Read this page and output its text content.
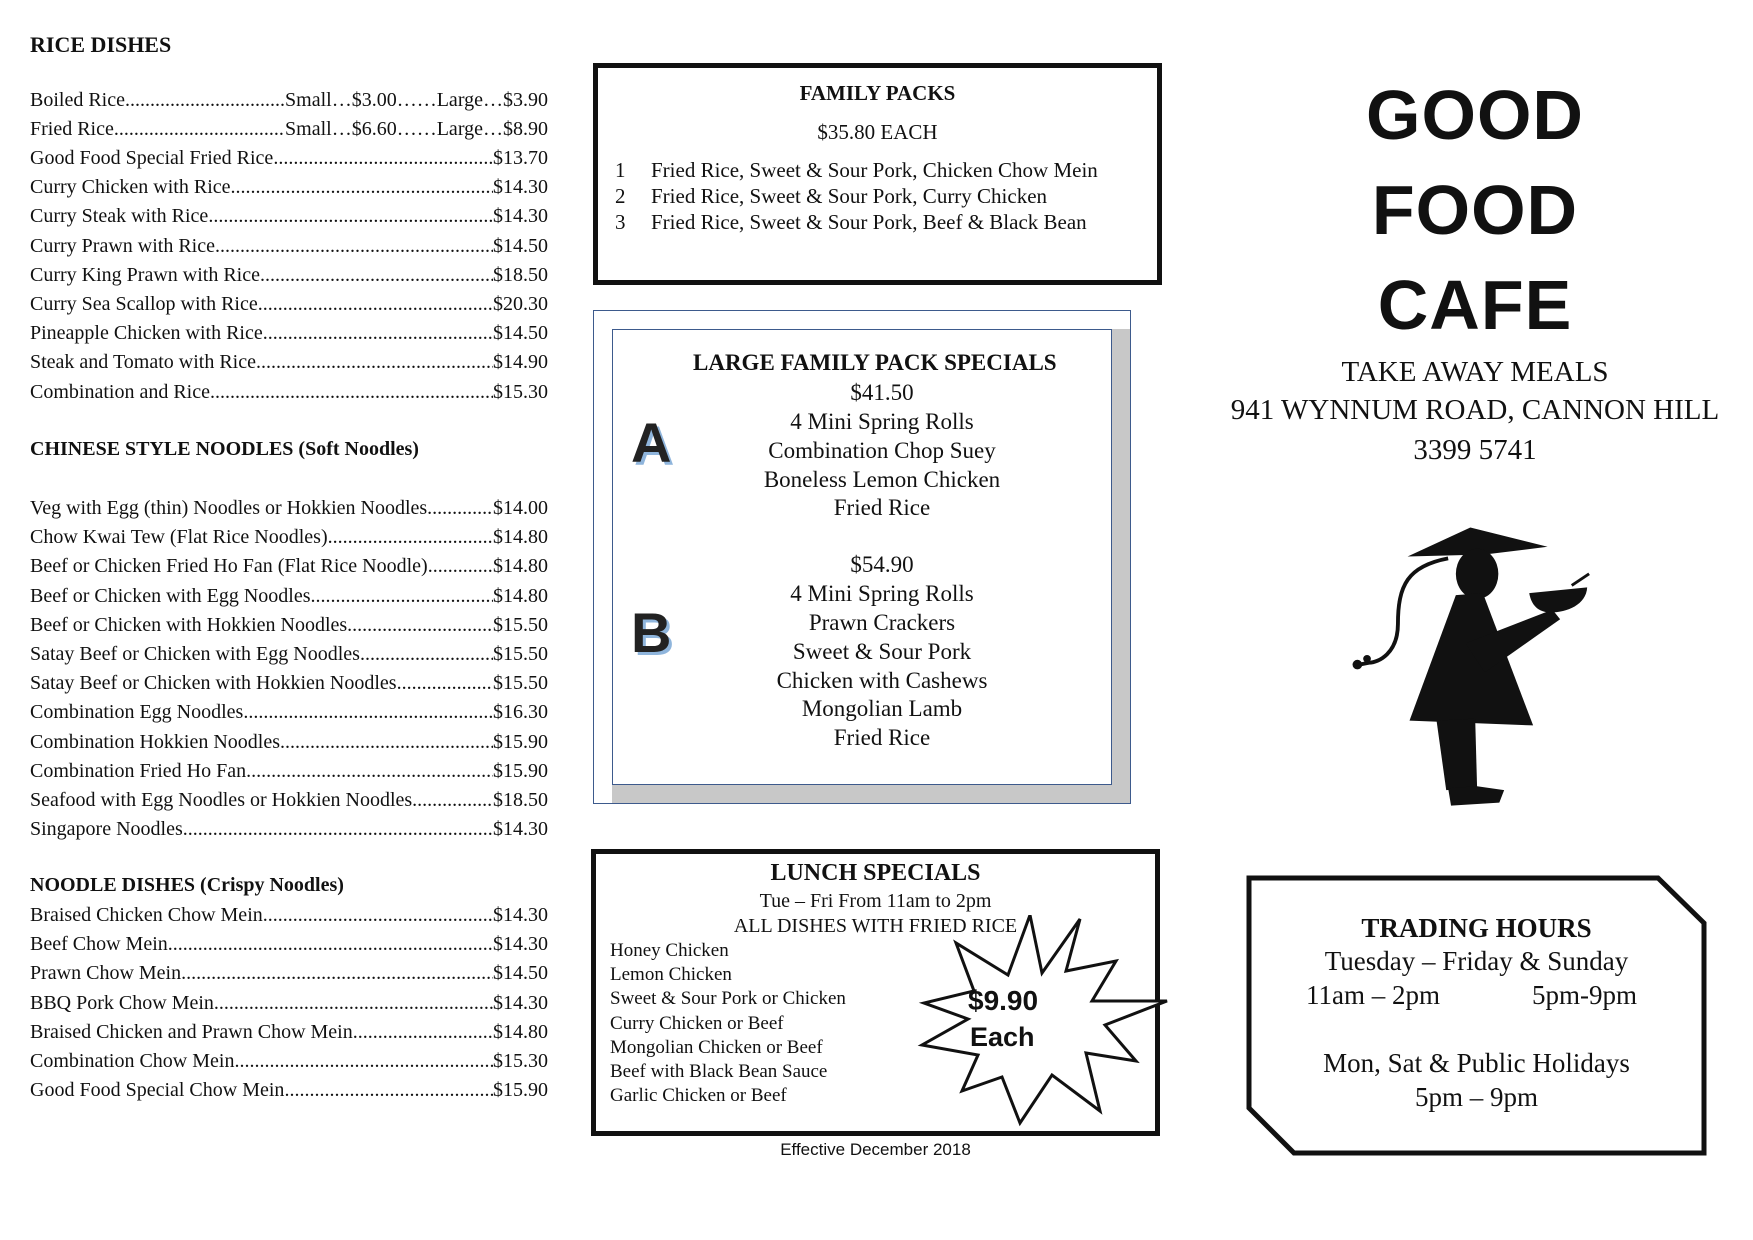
RICE DISHES
Boiled Rice .....	Small … $3.00 …… Large … $3.90
Fried Rice .....	Small … $6.60 …… Large … $8.90
Good Food Special Fried Rice .....	$13.70
Curry Chicken with Rice .....	$14.30
Curry Steak with Rice .....	$14.30
Curry Prawn with Rice .....	$14.50
Curry King Prawn with Rice .....	$18.50
Curry Sea Scallop with Rice .....	$20.30
Pineapple Chicken with Rice .....	$14.50
Steak and Tomato with Rice .....	$14.90
Combination and Rice .....	$15.30
CHINESE STYLE NOODLES (Soft Noodles)
Veg with Egg (thin) Noodles or Hokkien Noodles .....	$14.00
Chow Kwai Tew (Flat Rice Noodles) .....	$14.80
Beef or Chicken Fried Ho Fan (Flat Rice Noodle) .....	$14.80
Beef or Chicken with Egg Noodles .....	$14.80
Beef or Chicken with Hokkien Noodles .....	$15.50
Satay Beef or Chicken with Egg Noodles .....	$15.50
Satay Beef or Chicken with Hokkien Noodles .....	$15.50
Combination Egg Noodles .....	$16.30
Combination Hokkien Noodles .....	$15.90
Combination Fried Ho Fan .....	$15.90
Seafood with Egg Noodles or Hokkien Noodles .....	$18.50
Singapore Noodles .....	$14.30
NOODLE DISHES (Crispy Noodles)
Braised Chicken Chow Mein .....	$14.30
Beef Chow Mein .....	$14.30
Prawn Chow Mein .....	$14.50
BBQ Pork Chow Mein .....	$14.30
Braised Chicken and Prawn Chow Mein .....	$14.80
Combination Chow Mein .....	$15.30
Good Food Special Chow Mein .....	$15.90
FAMILY PACKS
$35.80 EACH
1 Fried Rice, Sweet & Sour Pork, Chicken Chow Mein
2 Fried Rice, Sweet & Sour Pork, Curry Chicken
3 Fried Rice, Sweet & Sour Pork, Beef & Black Bean
LARGE FAMILY PACK SPECIALS
$41.50
4 Mini Spring Rolls
Combination Chop Suey
Boneless Lemon Chicken
Fried Rice
A
$54.90
4 Mini Spring Rolls
Prawn Crackers
Sweet & Sour Pork
Chicken with Cashews
Mongolian Lamb
Fried Rice
B
LUNCH SPECIALS
Tue – Fri From 11am to 2pm
ALL DISHES WITH FRIED RICE
Honey Chicken
Lemon Chicken
Sweet & Sour Pork or Chicken
Curry Chicken or Beef
Mongolian Chicken or Beef
Beef with Black Bean Sauce
Garlic Chicken or Beef
$9.90
Each
Effective December 2018
GOOD
FOOD
CAFE
TAKE AWAY MEALS
941 WYNNUM ROAD, CANNON HILL
3399 5741
TRADING HOURS
Tuesday – Friday & Sunday
11am – 2pm	5pm-9pm
Mon, Sat & Public Holidays
5pm – 9pm
